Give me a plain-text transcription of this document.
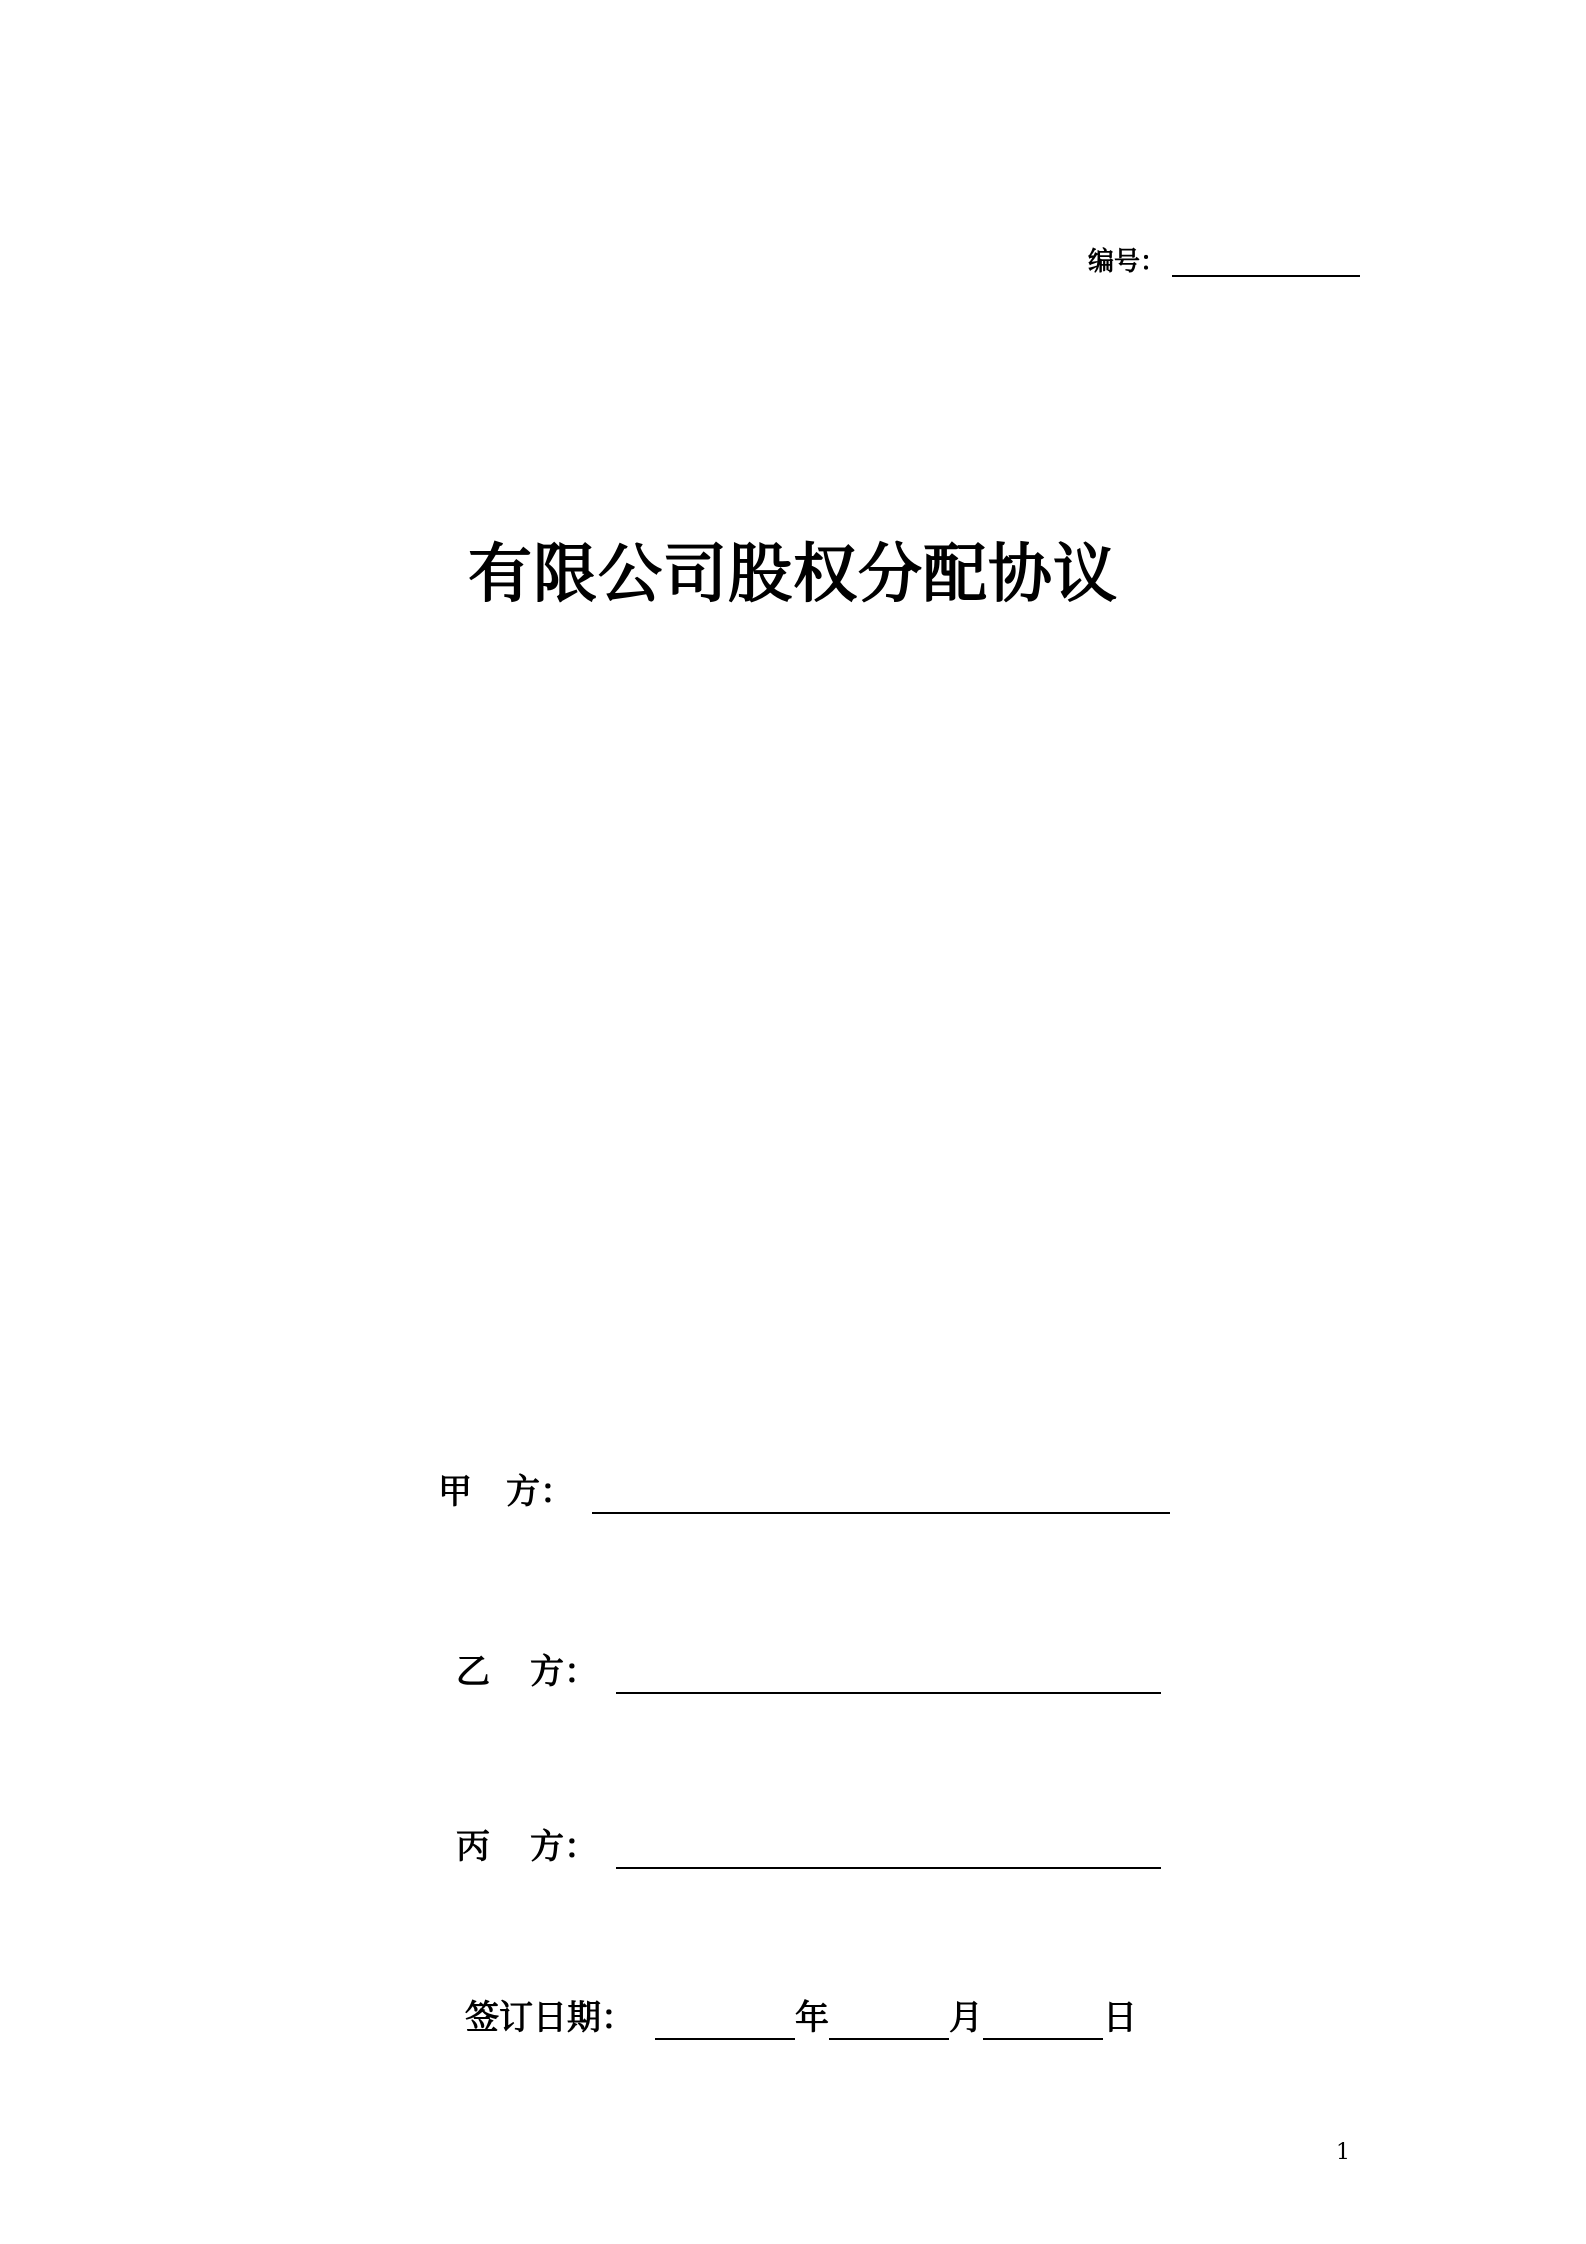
编号：
有限公司股权分配协议
甲 方 ：
乙 方 ：
丙 方 ：
签订日期：	年	月	日
1
